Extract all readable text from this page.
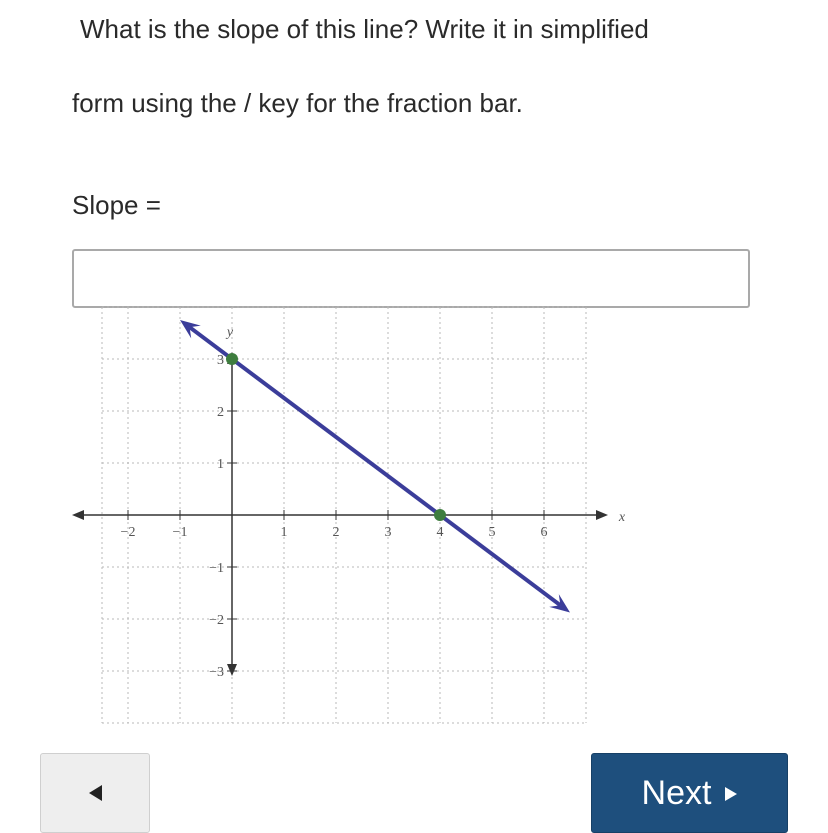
What is the slope of this line? Write it in simplified
form using the / key for the fraction bar.
Slope =
x
y
−2	−1	1	2	3	4	5	6
−3
−2
−1
1
2
3
Next
